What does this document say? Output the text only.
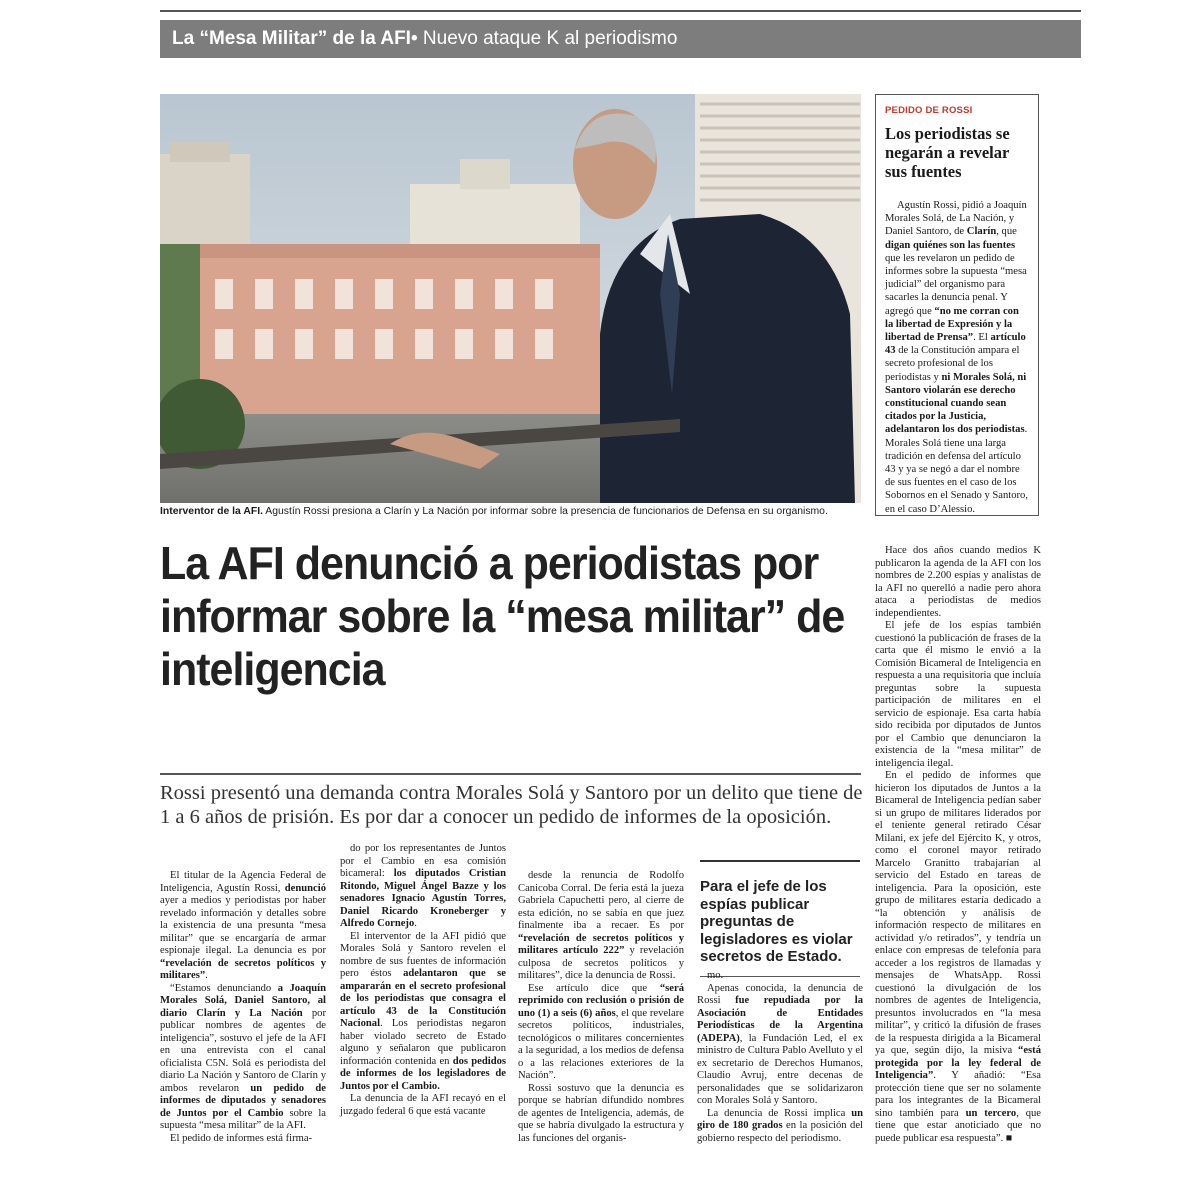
La “Mesa Militar” de la AFI• Nuevo ataque K al periodismo
Interventor de la AFI. Agustín Rossi presiona a Clarín y La Nación por informar sobre la presencia de funcionarios de Defensa en su organismo.
PEDIDO DE ROSSI
Los periodistas se negarán a revelar sus fuentes
Agustín Rossi, pidió a Joaquín Morales Solá, de La Nación, y Daniel Santoro, de Clarín, que digan quiénes son las fuentes que les revelaron un pedido de informes sobre la supuesta “mesa judicial” del organismo para sacarles la denuncia penal. Y agregó que “no me corran con la libertad de Expresión y la libertad de Prensa”. El artículo 43 de la Constitución ampara el secreto profesional de los periodistas y ni Morales Solá, ni Santoro violarán ese derecho constitucional cuando sean citados por la Justicia, adelantaron los dos periodistas. Morales Solá tiene una larga tradición en defensa del artículo 43 y ya se negó a dar el nombre de sus fuentes en el caso de los Sobornos en el Senado y Santoro, en el caso D’Alessio.
La AFI denunció a periodistas por informar sobre la “mesa militar” de inteligencia
Rossi presentó una demanda contra Morales Solá y Santoro por un delito que tiene de 1 a 6 años de prisión. Es por dar a conocer un pedido de informes de la oposición.

El titular de la Agencia Federal de Inteligencia, Agustín Rossi, denunció ayer a medios y periodistas por haber revelado información y detalles sobre la existencia de una presunta “mesa militar” que se encargaría de armar espionaje ilegal. La denuncia es por “revelación de secretos políticos y militares”.

“Estamos denunciando a Joaquín Morales Solá, Daniel Santoro, al diario Clarín y La Nación por publicar nombres de agentes de inteligencia”, sostuvo el jefe de la AFI en una entrevista con el canal oficialista C5N. Solá es periodista del diario La Nación y Santoro de Clarín y ambos revelaron un pedido de informes de diputados y senadores de Juntos por el Cambio sobre la supuesta “mesa militar” de la AFI.

El pedido de informes está firma-

do por los representantes de Juntos por el Cambio en esa comisión bicameral: los diputados Cristian Ritondo, Miguel Ángel Bazze y los senadores Ignacio Agustín Torres, Daniel Ricardo Kroneberger y Alfredo Cornejo.

El interventor de la AFI pidió que Morales Solá y Santoro revelen el nombre de sus fuentes de información pero éstos adelantaron que se ampararán en el secreto profesional de los periodistas que consagra el artículo 43 de la Constitución Nacional. Los periodistas negaron haber violado secreto de Estado alguno y señalaron que publicaron información contenida en dos pedidos de informes de los legisladores de Juntos por el Cambio.

La denuncia de la AFI recayó en el juzgado federal 6 que está vacante

desde la renuncia de Rodolfo Canicoba Corral. De feria está la jueza Gabriela Capuchetti pero, al cierre de esta edición, no se sabía en que juez finalmente iba a recaer. Es por “revelación de secretos políticos y militares artículo 222” y revelación culposa de secretos políticos y militares”, dice la denuncia de Rossi.

Ese artículo dice que “será reprimido con reclusión o prisión de uno (1) a seis (6) años, el que revelare secretos políticos, industriales, tecnológicos o militares concernientes a la seguridad, a los medios de defensa o a las relaciones exteriores de la Nación”.

Rossi sostuvo que la denuncia es porque se habrían difundido nombres de agentes de Inteligencia, además, de que se habría divulgado la estructura y las funciones del organis-

Para el jefe de los espías publicar preguntas de legisladores es violar secretos de Estado.

mo.

Apenas conocida, la denuncia de Rossi fue repudiada por la Asociación de Entidades Periodísticas de la Argentina (ADEPA), la Fundación Led, el ex ministro de Cultura Pablo Avelluto y el ex secretario de Derechos Humanos, Claudio Avruj, entre decenas de personalidades que se solidarizaron con Morales Solá y Santoro.

La denuncia de Rossi implica un giro de 180 grados en la posición del gobierno respecto del periodismo.

Hace dos años cuando medios K publicaron la agenda de la AFI con los nombres de 2.200 espías y analistas de la AFI no querelló a nadie pero ahora ataca a periodistas de medios independientes.

El jefe de los espías también cuestionó la publicación de frases de la carta que él mismo le envió a la Comisión Bicameral de Inteligencia en respuesta a una requisitoria que incluía preguntas sobre la supuesta participación de militares en el servicio de espionaje. Esa carta había sido recibida por diputados de Juntos por el Cambio que denunciaron la existencia de la “mesa militar” de inteligencia ilegal.

En el pedido de informes que hicieron los diputados de Juntos a la Bicameral de Inteligencia pedían saber si un grupo de militares liderados por el teniente general retirado César Milani, ex jefe del Ejército K, y otros, como el coronel mayor retirado Marcelo Granitto trabajarían al servicio del Estado en tareas de inteligencia. Para la oposición, este grupo de militares estaría dedicado a “la obtención y análisis de información respecto de militares en actividad y/o retirados”, y tendría un enlace con empresas de telefonía para acceder a los registros de llamadas y mensajes de WhatsApp. Rossi cuestionó la divulgación de los nombres de agentes de Inteligencia, presuntos involucrados en “la mesa militar”, y criticó la difusión de frases de la respuesta dirigida a la Bicameral ya que, según dijo, la misiva “está protegida por la ley federal de Inteligencia”. Y añadió: “Esa protección tiene que ser no solamente para los integrantes de la Bicameral sino también para un tercero, que tiene que estar anoticiado que no puede publicar esa respuesta”. ■
